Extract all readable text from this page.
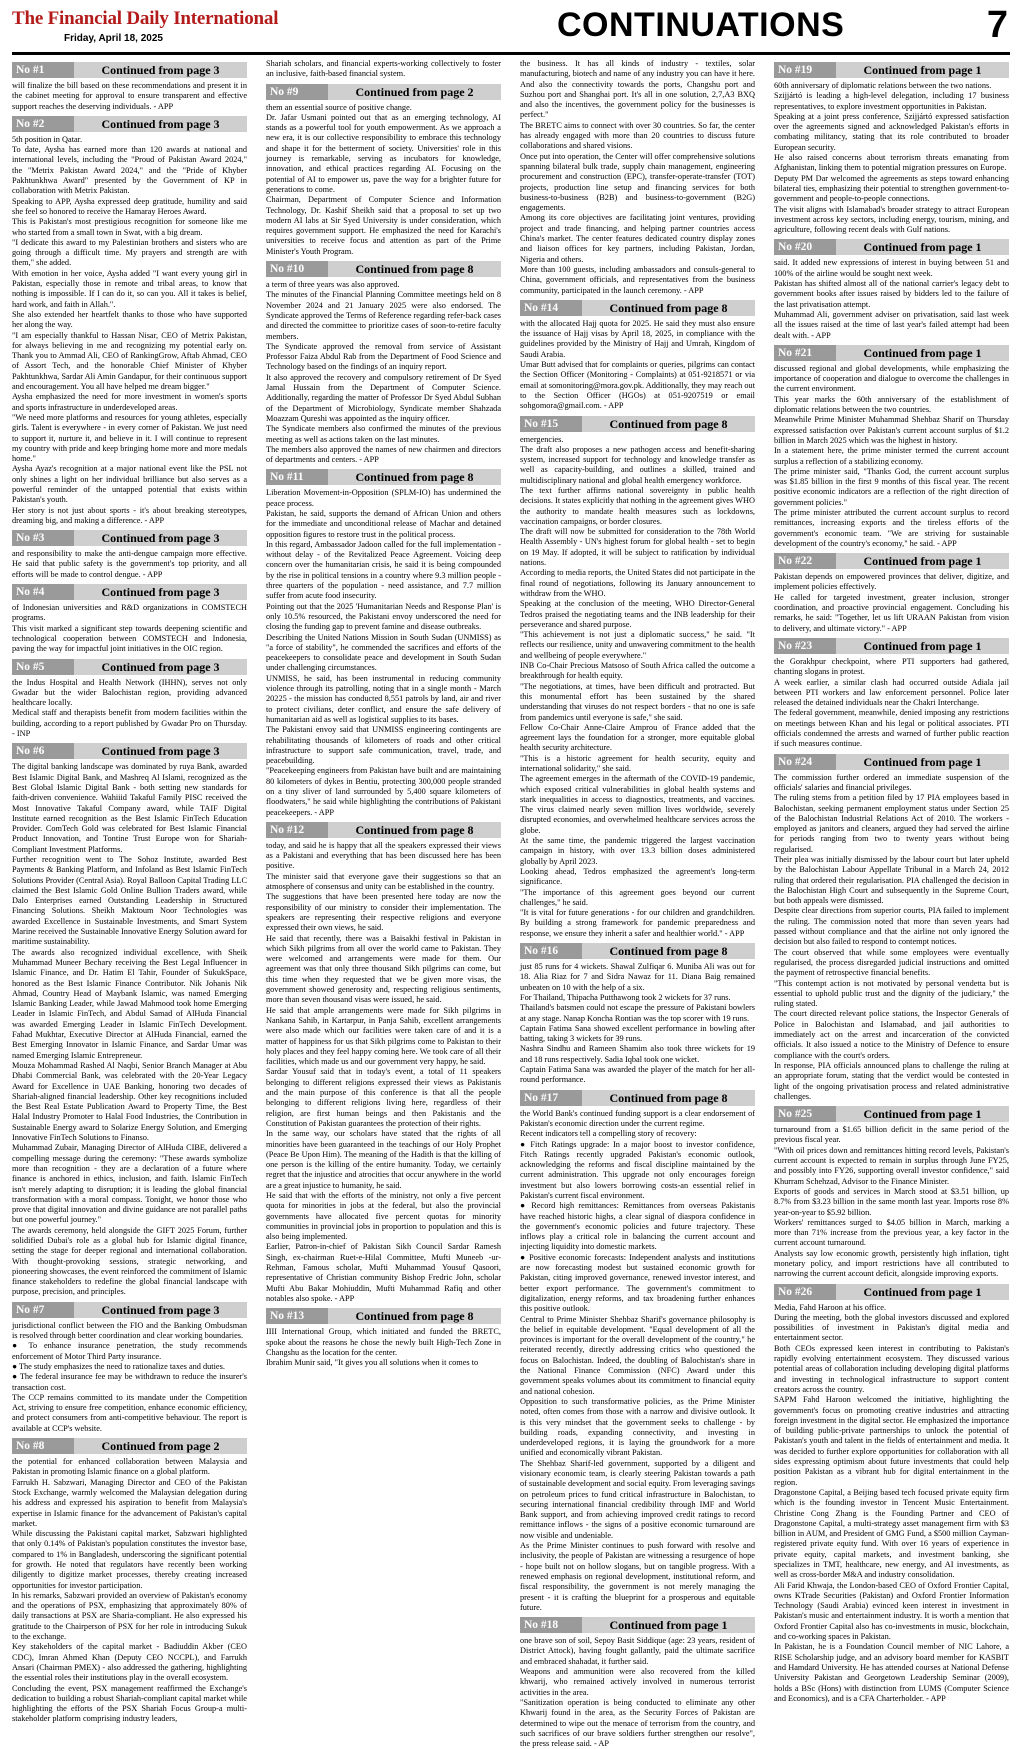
The Financial Daily International
Friday, April 18, 2025	CONTINUATIONS	7
No #1	Continued from page 3

will finalize the bill based on these recommendations and present it in the cabinet meeting for approval to ensure transparent and effective support reaches the deserving individuals. - APP

No #2	Continued from page 3

5th position in Qatar.

To date, Aysha has earned more than 120 awards at national and international levels, including the "Proud of Pakistan Award 2024," the "Metrix Pakistan Award 2024," and the "Pride of Khyber Pakhtunkhwa Award" presented by the Government of KP in collaboration with Metrix Pakistan.

Speaking to APP, Aysha expressed deep gratitude, humility and said she feel so honored to receive the Hamaray Heroes Award.

This is Pakistan's most prestigious recognition for someone like me who started from a small town in Swat, with a big dream.

"I dedicate this award to my Palestinian brothers and sisters who are going through a difficult time. My prayers and strength are with them," she added.

With emotion in her voice, Aysha added "I want every young girl in Pakistan, especially those in remote and tribal areas, to know that nothing is impossible. If I can do it, so can you. All it takes is belief, hard work, and faith in Allah.".

She also extended her heartfelt thanks to those who have supported her along the way.

"I am especially thankful to Hassan Nisar, CEO of Metrix Pakistan, for always believing in me and recognizing my potential early on. Thank you to Ammad Ali, CEO of RankingGrow, Aftab Ahmad, CEO of Assort Tech, and the honorable Chief Minister of Khyber Pakhtunkhwa, Sardar Ali Amin Gandapur, for their continuous support and encouragement. You all have helped me dream bigger."

Aysha emphasized the need for more investment in women's sports and sports infrastructure in underdeveloped areas.

"We need more platforms and resources for young athletes, especially girls. Talent is everywhere - in every corner of Pakistan. We just need to support it, nurture it, and believe in it. I will continue to represent my country with pride and keep bringing home more and more medals home."

Aysha Ayaz's recognition at a major national event like the PSL not only shines a light on her individual brilliance but also serves as a powerful reminder of the untapped potential that exists within Pakistan's youth.

Her story is not just about sports - it's about breaking stereotypes, dreaming big, and making a difference. - APP

No #3	Continued from page 3

and responsibility to make the anti-dengue campaign more effective. He said that public safety is the government's top priority, and all efforts will be made to control dengue. - APP

No #4	Continued from page 3

of Indonesian universities and R&D organizations in COMSTECH programs.

This visit marked a significant step towards deepening scientific and technological cooperation between COMSTECH and Indonesia, paving the way for impactful joint initiatives in the OIC region.

No #5	Continued from page 3

the Indus Hospital and Health Network (IHHN), serves not only Gwadar but the wider Balochistan region, providing advanced healthcare locally.

Medical staff and therapists benefit from modern facilities within the building, according to a report published by Gwadar Pro on Thursday. - INP

No #6	Continued from page 3

The digital banking landscape was dominated by ruya Bank, awarded Best Islamic Digital Bank, and Mashreq Al Islami, recognized as the Best Global Islamic Digital Bank - both setting new standards for faith-driven convenience. Wahiiid Takaful Family PISC received the Most Innovative Takaful Company award, while TAIF Digital Institute earned recognition as the Best Islamic FinTech Education Provider. ComTech Gold was celebrated for Best Islamic Financial Product Innovation, and Tontine Trust Europe won for Shariah-Compliant Investment Platforms.

Further recognition went to The Sohoz Institute, awarded Best Payments & Banking Platform, and Infoland as Best Islamic FinTech Solutions Provider (Central Asia). Royal Balloon Capital Trading LLC claimed the Best Islamic Gold Online Bullion Traders award, while Dalo Enterprises earned Outstanding Leadership in Structured Financing Solutions. Sheikh Maktoum Noor Technologies was awarded Excellence in Sustainable Investments, and Smart System Marine received the Sustainable Innovative Energy Solution award for maritime sustainability.

The awards also recognized individual excellence, with Sheik Muhammad Muneer Bechary receiving the Best Legal Influencer in Islamic Finance, and Dr. Hatim El Tahir, Founder of SukukSpace, honored as the Best Islamic Finance Contributor. Nik Johanis Nik Ahmad, Country Head of Maybank Islamic, was named Emerging Islamic Banking Leader, while Jawad Mahmood took home Emerging Leader in Islamic FinTech, and Abdul Samad of AlHuda Financial was awarded Emerging Leader in Islamic FinTech Development. Fahad Mukhtar, Executive Director at AlHuda Financial, earned the Best Emerging Innovator in Islamic Finance, and Sardar Umar was named Emerging Islamic Entrepreneur.

Mouza Mohammad Rashed Al Naqbi, Senior Branch Manager at Abu Dhabi Commercial Bank, was celebrated with the 20-Year Legacy Award for Excellence in UAE Banking, honoring two decades of Shariah-aligned financial leadership. Other key recognitions included the Best Real Estate Publication Award to Property Time, the Best Halal Industry Promoter to Halal Food Industries, the Contribution in Sustainable Energy award to Solarize Energy Solution, and Emerging Innovative FinTech Solutions to Finanso.

Muhammad Zubair, Managing Director of AlHuda CIBE, delivered a compelling message during the ceremony: "These awards symbolize more than recognition - they are a declaration of a future where finance is anchored in ethics, inclusion, and faith. Islamic FinTech isn't merely adapting to disruption; it is leading the global financial transformation with a moral compass. Tonight, we honor those who prove that digital innovation and divine guidance are not parallel paths but one powerful journey."

The awards ceremony, held alongside the GIFT 2025 Forum, further solidified Dubai's role as a global hub for Islamic digital finance, setting the stage for deeper regional and international collaboration. With thought-provoking sessions, strategic networking, and pioneering showcases, the event reinforced the commitment of Islamic finance stakeholders to redefine the global financial landscape with purpose, precision, and principles.

No #7	Continued from page 3

jurisdictional conflict between the FIO and the Banking Ombudsman is resolved through better coordination and clear working boundaries.

● To enhance insurance penetration, the study recommends enforcement of Motor Third Party insurance.

● The study emphasizes the need to rationalize taxes and duties.

● The federal insurance fee may be withdrawn to reduce the insurer's transaction cost.

The CCP remains committed to its mandate under the Competition Act, striving to ensure free competition, enhance economic efficiency, and protect consumers from anti-competitive behaviour. The report is available at CCP's website.

No #8	Continued from page 2

the potential for enhanced collaboration between Malaysia and Pakistan in promoting Islamic finance on a global platform.

Farrukh H. Sabzwari, Managing Director and CEO of the Pakistan Stock Exchange, warmly welcomed the Malaysian delegation during his address and expressed his aspiration to benefit from Malaysia's expertise in Islamic finance for the advancement of Pakistan's capital market.

While discussing the Pakistani capital market, Sabzwari highlighted that only 0.14% of Pakistan's population constitutes the investor base, compared to 1% in Bangladesh, underscoring the significant potential for growth. He noted that regulators have recently been working diligently to digitize market processes, thereby creating increased opportunities for investor participation.

In his remarks, Sabzwari provided an overview of Pakistan's economy and the operations of PSX, emphasizing that approximately 80% of daily transactions at PSX are Sharia-compliant. He also expressed his gratitude to the Chairperson of PSX for her role in introducing Sukuk to the exchange.

Key stakeholders of the capital market - Badiuddin Akber (CEO CDC), Imran Ahmed Khan (Deputy CEO NCCPL), and Farrukh Ansari (Chairman PMEX) - also addressed the gathering, highlighting the essential roles their institutions play in the overall ecosystem.

Concluding the event, PSX management reaffirmed the Exchange's dedication to building a robust Shariah-compliant capital market while highlighting the efforts of the PSX Shariah Focus Group-a multi-stakeholder platform comprising industry leaders,

Shariah scholars, and financial experts-working collectively to foster an inclusive, faith-based financial system.

No #9	Continued from page 2

them an essential source of positive change.

Dr. Jafar Usmani pointed out that as an emerging technology, AI stands as a powerful tool for youth empowerment. As we approach a new era, it is our collective responsibility to embrace this technology and shape it for the betterment of society. Universities' role in this journey is remarkable, serving as incubators for knowledge, innovation, and ethical practices regarding AI. Focusing on the potential of AI to empower us, pave the way for a brighter future for generations to come.

Chairman, Department of Computer Science and Information Technology, Dr. Kashif Sheikh said that a proposal to set up two modern AI labs at Sir Syed University is under consideration, which requires government support. He emphasized the need for Karachi's universities to receive focus and attention as part of the Prime Minister's Youth Program.

No #10	Continued from page 8

a term of three years was also approved.

The minutes of the Financial Planning Committee meetings held on 8 November 2024 and 21 January 2025 were also endorsed. The Syndicate approved the Terms of Reference regarding refer-back cases and directed the committee to prioritize cases of soon-to-retire faculty members.

The Syndicate approved the removal from service of Assistant Professor Faiza Abdul Rab from the Department of Food Science and Technology based on the findings of an inquiry report.

It also approved the recovery and compulsory retirement of Dr Syed Jamal Hussain from the Department of Computer Science. Additionally, regarding the matter of Professor Dr Syed Abdul Subhan of the Department of Microbiology, Syndicate member Shahzada Moazzam Qureshi was appointed as the inquiry officer.

The Syndicate members also confirmed the minutes of the previous meeting as well as actions taken on the last minutes.

The members also approved the names of new chairmen and directors of departments and centers. - APP

No #11	Continued from page 8

Liberation Movement-in-Opposition (SPLM-IO) has undermined the peace process.

Pakistan, he said, supports the demand of African Union and others for the immediate and unconditional release of Machar and detained opposition figures to restore trust in the political process.

In this regard, Ambassador Jadoon called for the full implementation - without delay - of the Revitalized Peace Agreement. Voicing deep concern over the humanitarian crisis, he said it is being compounded by the rise in political tensions in a country where 9.3 million people - three quarters of the population - need assistance, and 7.7 million suffer from acute food insecurity.

Pointing out that the 2025 'Humanitarian Needs and Response Plan' is only 10.5% resourced, the Pakistani envoy underscored the need for closing the funding gap to prevent famine and disease outbreaks.

Describing the United Nations Mission in South Sudan (UNMISS) as "a force of stability", he commended the sacrifices and efforts of the peacekeepers to consolidate peace and development in South Sudan under challenging circumstances.

UNMISS, he said, has been instrumental in reducing community violence through its patrolling, noting that in a single month - March 20225 - the mission has conducted 8,551 patrols by land, air and river to protect civilians, deter conflict, and ensure the safe delivery of humanitarian aid as well as logistical supplies to its bases.

The Pakistani envoy said that UNMISS engineering contingents are rehabilitating thousands of kilometers of roads and other critical infrastructure to support safe communication, travel, trade, and peacebuilding.

"Peacekeeping engineers from Pakistan have built and are maintaining 80 kilometers of dykes in Bentiu, protecting 300,000 people stranded on a tiny sliver of land surrounded by 5,400 square kilometers of floodwaters," he said while highlighting the contributions of Pakistani peacekeepers. - APP

No #12	Continued from page 8

today, and said he is happy that all the speakers expressed their views as a Pakistani and everything that has been discussed here has been positive.

The minister said that everyone gave their suggestions so that an atmosphere of consensus and unity can be established in the country.

The suggestions that have been presented here today are now the responsibility of our ministry to consider their implementation. The speakers are representing their respective religions and everyone expressed their own views, he said.

He said that recently, there was a Baisakhi festival in Pakistan in which Sikh pilgrims from all over the world came to Pakistan. They were welcomed and arrangements were made for them. Our agreement was that only three thousand Sikh pilgrims can come, but this time when they requested that we be given more visas, the government showed generosity and, respecting religious sentiments, more than seven thousand visas were issued, he said.

He said that ample arrangements were made for Sikh pilgrims in Nankana Sahib, in Kartarpur, in Panja Sahib, excellent arrangements were also made which our facilities were taken care of and it is a matter of happiness for us that Sikh pilgrims come to Pakistan to their holy places and they feel happy coming here. We took care of all their facilities, which made us and our government very happy, he said.

Sardar Yousuf said that in today's event, a total of 11 speakers belonging to different religions expressed their views as Pakistanis and the main purpose of this conference is that all the people belonging to different religions living here, regardless of their religion, are first human beings and then Pakistanis and the Constitution of Pakistan guarantees the protection of their rights.

In the same way, our scholars have stated that the rights of all minorities have been guaranteed in the teachings of our Holy Prophet (Peace Be Upon Him). The meaning of the Hadith is that the killing of one person is the killing of the entire humanity. Today, we certainly regret that the injustice and atrocities that occur anywhere in the world are a great injustice to humanity, he said.

He said that with the efforts of the ministry, not only a five percent quota for minorities in jobs at the federal, but also the provincial governments have allocated five percent quotas for minority communities in provincial jobs in proportion to population and this is also being implemented.

Earlier, Patron-in-chief of Pakistan Sikh Council Sardar Ramesh Singh, ex-chairman Ruet-e-Hilal Committee, Mufti Muneeb -ur-Rehman, Famous scholar, Mufti Muhammad Yousuf Qasoori, representative of Christian community Bishop Fredric John, scholar Mufti Abu Bakar Mohiuddin, Mufti Muhammad Rafiq and other notables also spoke. - APP

No #13	Continued from page 8

IIII International Group, which initiated and funded the BRETC, spoke about the reasons he chose the newly built High-Tech Zone in Changshu as the location for the center.

Ibrahim Munir said, "It gives you all solutions when it comes to

the business. It has all kinds of industry - textiles, solar manufacturing, biotech and name of any industry you can have it here. And also the connectivity towards the ports, Changshu port and Suzhou port and Shanghai port. It's all in one solution, 2,7,A3 BXQ and also the incentives, the government policy for the businesses is perfect."

The BRETC aims to connect with over 30 countries. So far, the center has already engaged with more than 20 countries to discuss future collaborations and shared visions.

Once put into operation, the Center will offer comprehensive solutions spanning bilateral bulk trade, supply chain management, engineering procurement and construction (EPC), transfer-operate-transfer (TOT) projects, production line setup and financing services for both business-to-business (B2B) and business-to-government (B2G) engagements.

Among its core objectives are facilitating joint ventures, providing project and trade financing, and helping partner countries access China's market. The center features dedicated country display zones and liaison offices for key partners, including Pakistan, Jordan, Nigeria and others.

More than 100 guests, including ambassadors and consuls-general to China, government officials, and representatives from the business community, participated in the launch ceremony. - APP

No #14	Continued from page 8

with the allocated Hajj quota for 2025. He said they must also ensure the issuance of Hajj visas by April 18, 2025, in compliance with the guidelines provided by the Ministry of Hajj and Umrah, Kingdom of Saudi Arabia.

Umar Butt advised that for complaints or queries, pilgrims can contact the Section Officer (Monitoring - Complaints) at 051-9218571 or via email at somonitoring@mora.gov.pk. Additionally, they may reach out to the Section Officer (HGOs) at 051-9207519 or email sohgomora@gmail.com. - APP

No #15	Continued from page 8

emergencies.

The draft also proposes a new pathogen access and benefit-sharing system, increased support for technology and knowledge transfer as well as capacity-building, and outlines a skilled, trained and multidisciplinary national and global health emergency workforce.

The text further affirms national sovereignty in public health decisions. It states explicitly that nothing in the agreement gives WHO the authority to mandate health measures such as lockdowns, vaccination campaigns, or border closures.

The draft will now be submitted for consideration to the 78th World Health Assembly - UN's highest forum for global health - set to begin on 19 May. If adopted, it will be subject to ratification by individual nations.

According to media reports, the United States did not participate in the final round of negotiations, following its January announcement to withdraw from the WHO.

Speaking at the conclusion of the meeting, WHO Director-General Tedros praised the negotiating teams and the INB leadership for their perseverance and shared purpose.

"This achievement is not just a diplomatic success," he said. "It reflects our resilience, unity and unwavering commitment to the health and wellbeing of people everywhere."

INB Co-Chair Precious Matsoso of South Africa called the outcome a breakthrough for health equity.

"The negotiations, at times, have been difficult and protracted. But this monumental effort has been sustained by the shared understanding that viruses do not respect borders - that no one is safe from pandemics until everyone is safe," she said.

Fellow Co-Chair Anne-Claire Amprou of France added that the agreement lays the foundation for a stronger, more equitable global health security architecture.

"This is a historic agreement for health security, equity and international solidarity," she said.

The agreement emerges in the aftermath of the COVID-19 pandemic, which exposed critical vulnerabilities in global health systems and stark inequalities in access to diagnostics, treatments, and vaccines. The virus claimed nearly seven million lives worldwide, severely disrupted economies, and overwhelmed healthcare services across the globe.

At the same time, the pandemic triggered the largest vaccination campaign in history, with over 13.3 billion doses administered globally by April 2023.

Looking ahead, Tedros emphasized the agreement's long-term significance.

"The importance of this agreement goes beyond our current challenges," he said.

"It is vital for future generations - for our children and grandchildren. By building a strong framework for pandemic preparedness and response, we ensure they inherit a safer and healthier world." - APP

No #16	Continued from page 8

just 85 runs for 4 wickets. Shawal Zulfiqar 6. Muniba Ali was out for 18. Alia Riaz for 7 and Sidra Nawaz for 11. Diana Baig remained unbeaten on 10 with the help of a six.

For Thailand, Thipacha Putthawong took 2 wickets for 37 runs.

Thailand's batsmen could not escape the pressure of Pakistani bowlers at any stage. Nanap Koncha Rontian was the top scorer with 19 runs.

Captain Fatima Sana showed excellent performance in bowling after batting, taking 3 wickets for 39 runs.

Nashra Sindhu and Rameen Shamim also took three wickets for 19 and 18 runs respectively. Sadia Iqbal took one wicket.

Captain Fatima Sana was awarded the player of the match for her all-round performance.

No #17	Continued from page 8

the World Bank's continued funding support is a clear endorsement of Pakistan's economic direction under the current regime.

Recent indicators tell a compelling story of recovery:

● Fitch Ratings upgrade: In a major boost to investor confidence, Fitch Ratings recently upgraded Pakistan's economic outlook, acknowledging the reforms and fiscal discipline maintained by the current administration. This upgrade not only encourages foreign investment but also lowers borrowing costs-an essential relief in Pakistan's current fiscal environment.

● Record high remittances: Remittances from overseas Pakistanis have reached historic highs, a clear signal of diaspora confidence in the government's economic policies and future trajectory. These inflows play a critical role in balancing the current account and injecting liquidity into domestic markets.

● Positive economic forecasts: Independent analysts and institutions are now forecasting modest but sustained economic growth for Pakistan, citing improved governance, renewed investor interest, and better export performance. The government's commitment to digitalization, energy reforms, and tax broadening further enhances this positive outlook.

Central to Prime Minister Shehbaz Sharif's governance philosophy is the belief in equitable development. "Equal development of all the provinces is important for the overall development of the country," he reiterated recently, directly addressing critics who questioned the focus on Balochistan. Indeed, the doubling of Balochistan's share in the National Finance Commission (NFC) Award under this government speaks volumes about its commitment to financial equity and national cohesion.

Opposition to such transformative policies, as the Prime Minister noted, often comes from those with a narrow and divisive outlook. It is this very mindset that the government seeks to challenge - by building roads, expanding connectivity, and investing in underdeveloped regions, it is laying the groundwork for a more unified and economically vibrant Pakistan.

The Shehbaz Sharif-led government, supported by a diligent and visionary economic team, is clearly steering Pakistan towards a path of sustainable development and social equity. From leveraging savings on petroleum prices to fund critical infrastructure in Balochistan, to securing international financial credibility through IMF and World Bank support, and from achieving improved credit ratings to record remittance inflows - the signs of a positive economic turnaround are now visible and undeniable.

As the Prime Minister continues to push forward with resolve and inclusivity, the people of Pakistan are witnessing a resurgence of hope - hope built not on hollow slogans, but on tangible progress. With a renewed emphasis on regional development, institutional reform, and fiscal responsibility, the government is not merely managing the present - it is crafting the blueprint for a prosperous and equitable future.

No #18	Continued from page 1

one brave son of soil, Sepoy Basit Siddique (age: 23 years, resident of District Attock), having fought gallantly, paid the ultimate sacrifice and embraced shahadat, it further said.

Weapons and ammunition were also recovered from the killed khwarij, who remained actively involved in numerous terrorist activities in the area.

"Sanitization operation is being conducted to eliminate any other Khwarij found in the area, as the Security Forces of Pakistan are determined to wipe out the menace of terrorism from the country, and such sacrifices of our brave soldiers further strengthen our resolve", the press release said. - AP

No #19	Continued from page 1

60th anniversary of diplomatic relations between the two nations.

Szijjártó is leading a high-level delegation, including 17 business representatives, to explore investment opportunities in Pakistan.

Speaking at a joint press conference, Szijjártó expressed satisfaction over the agreements signed and acknowledged Pakistan's efforts in combating militancy, stating that its role contributed to broader European security.

He also raised concerns about terrorism threats emanating from Afghanistan, linking them to potential migration pressures on Europe.

Deputy PM Dar welcomed the agreements as steps toward enhancing bilateral ties, emphasizing their potential to strengthen government-to-government and people-to-people connections.

The visit aligns with Islamabad's broader strategy to attract European investment across key sectors, including energy, tourism, mining, and agriculture, following recent deals with Gulf nations.

No #20	Continued from page 1

said. It added new expressions of interest in buying between 51 and 100% of the airline would be sought next week.

Pakistan has shifted almost all of the national carrier's legacy debt to government books after issues raised by bidders led to the failure of the last privatisation attempt.

Muhammad Ali, government adviser on privatisation, said last week all the issues raised at the time of last year's failed attempt had been dealt with. - APP

No #21	Continued from page 1

discussed regional and global developments, while emphasizing the importance of cooperation and dialogue to overcome the challenges in the current environment.

This year marks the 60th anniversary of the establishment of diplomatic relations between the two countries.

Meanwhile Prime Minister Muhammad Shehbaz Sharif on Thursday expressed satisfaction over Pakistan's current account surplus of $1.2 billion in March 2025 which was the highest in history.

In a statement here, the prime minister termed the current account surplus a reflection of a stabilizing economy.

The prime minister said, "Thanks God, the current account surplus was $1.85 billion in the first 9 months of this fiscal year. The recent positive economic indicators are a reflection of the right direction of government policies."

The prime minister attributed the current account surplus to record remittances, increasing exports and the tireless efforts of the government's economic team. "We are striving for sustainable development of the country's economy," he said. - APP

No #22	Continued from page 1

Pakistan depends on empowered provinces that deliver, digitize, and implement policies effectively.

He called for targeted investment, greater inclusion, stronger coordination, and proactive provincial engagement. Concluding his remarks, he said: "Together, let us lift URAAN Pakistan from vision to delivery, and ultimate victory." - APP

No #23	Continued from page 1

the Gorakhpur checkpoint, where PTI supporters had gathered, chanting slogans in protest.

A week earlier, a similar clash had occurred outside Adiala jail between PTI workers and law enforcement personnel. Police later released the detained individuals near the Chakri Interchange.

The federal government, meanwhile, denied imposing any restrictions on meetings between Khan and his legal or political associates. PTI officials condemned the arrests and warned of further public reaction if such measures continue.

No #24	Continued from page 1

The commission further ordered an immediate suspension of the officials' salaries and financial privileges.

The ruling stems from a petition filed by 17 PIA employees based in Balochistan, seeking permanent employment status under Section 25 of the Balochistan Industrial Relations Act of 2010. The workers - employed as janitors and cleaners, argued they had served the airline for periods ranging from two to twenty years without being regularised.

Their plea was initially dismissed by the labour court but later upheld by the Balochistan Labour Appellate Tribunal in a March 24, 2012 ruling that ordered their regularisation. PIA challenged the decision in the Balochistan High Court and subsequently in the Supreme Court, but both appeals were dismissed.

Despite clear directions from superior courts, PIA failed to implement the ruling. The commission noted that more than seven years had passed without compliance and that the airline not only ignored the decision but also failed to respond to contempt notices.

The court observed that while some employees were eventually regularised, the process disregarded judicial instructions and omitted the payment of retrospective financial benefits.

"This contempt action is not motivated by personal vendetta but is essential to uphold public trust and the dignity of the judiciary," the ruling stated.

The court directed relevant police stations, the Inspector Generals of Police in Balochistan and Islamabad, and jail authorities to immediately act on the arrest and incarceration of the convicted officials. It also issued a notice to the Ministry of Defence to ensure compliance with the court's orders.

In response, PIA officials announced plans to challenge the ruling at an appropriate forum, stating that the verdict would be contested in light of the ongoing privatisation process and related administrative challenges.

No #25	Continued from page 1

turnaround from a $1.65 billion deficit in the same period of the previous fiscal year.

"With oil prices down and remittances hitting record levels, Pakistan's current account is expected to remain in surplus through June FY25, and possibly into FY26, supporting overall investor confidence," said Khurram Schehzad, Advisor to the Finance Minister.

Exports of goods and services in March stood at $3.51 billion, up 8.7% from $3.23 billion in the same month last year. Imports rose 8% year-on-year to $5.92 billion.

Workers' remittances surged to $4.05 billion in March, marking a more than 71% increase from the previous year, a key factor in the current account turnaround.

Analysts say low economic growth, persistently high inflation, tight monetary policy, and import restrictions have all contributed to narrowing the current account deficit, alongside improving exports.

No #26	Continued from page 1

Media, Fahd Haroon at his office.

During the meeting, both the global investors discussed and explored possibilities of investment in Pakistan's digital media and entertainment sector.

Both CEOs expressed keen interest in contributing to Pakistan's rapidly evolving entertainment ecosystem. They discussed various potential areas of collaboration including developing digital platforms and investing in technological infrastructure to support content creators across the country.

SAPM Fahd Haroon welcomed the initiative, highlighting the government's focus on promoting creative industries and attracting foreign investment in the digital sector. He emphasized the importance of building public-private partnerships to unlock the potential of Pakistan's youth and talent in the fields of entertainment and media. It was decided to further explore opportunities for collaboration with all sides expressing optimism about future investments that could help position Pakistan as a vibrant hub for digital entertainment in the region.

Dragonstone Capital, a Beijing based tech focused private equity firm which is the founding investor in Tencent Music Entertainment. Christine Cong Zhang is the Founding Partner and CEO of Dragonstone Capital, a multi-strategy asset management firm with $3 billion in AUM, and President of GMG Fund, a $500 million Cayman-registered private equity fund. With over 16 years of experience in private equity, capital markets, and investment banking, she specializes in TMT, healthcare, new energy, and AI investments, as well as cross-border M&A and industry consolidation.

Ali Farid Khwaja, the London-based CEO of Oxford Frontier Capital, owns KTrade Securities (Pakistan) and Oxford Frontier Information Technology (Saudi Arabia) evinced keen interest in investment in Pakistan's music and entertainment industry. It is worth a mention that Oxford Frontier Capital also has co-investments in music, blockchain, and co-working spaces in Pakistan.

In Pakistan, he is a Foundation Council member of NIC Lahore, a RISE Scholarship judge, and an advisory board member for KASBIT and Hamdard University. He has attended courses at National Defense University Pakistan and Georgetown Leadership Seminar (2009), holds a BSc (Hons) with distinction from LUMS (Computer Science and Economics), and is a CFA Charterholder. - APP
